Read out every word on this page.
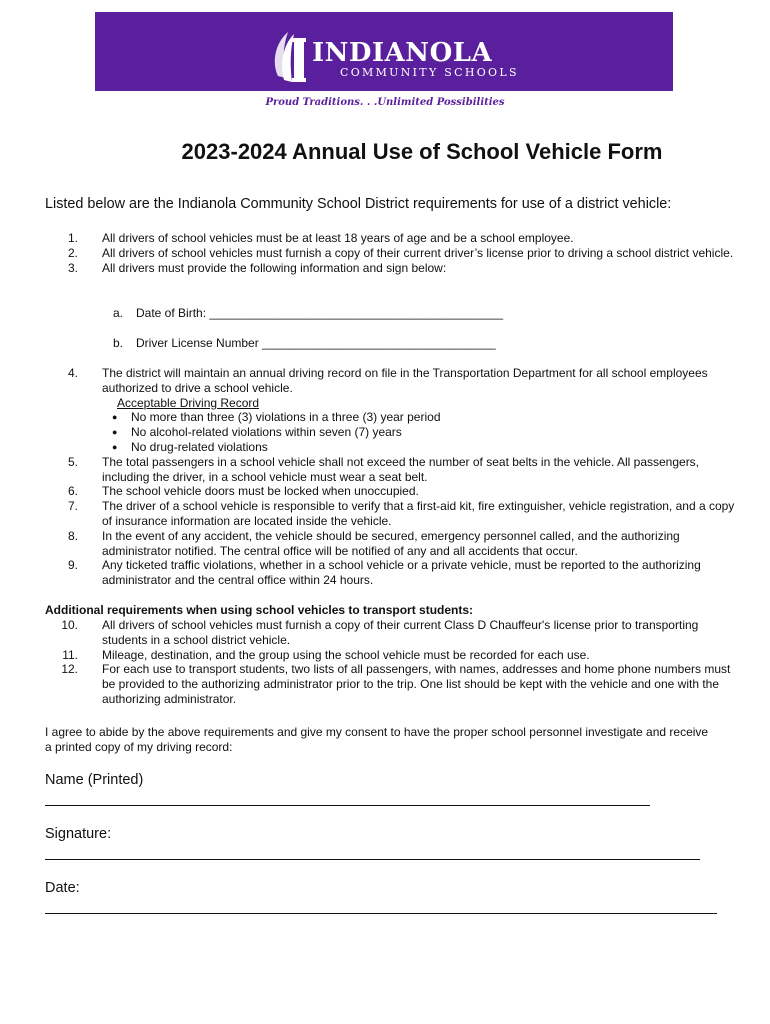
INDIANOLA
COMMUNITY SCHOOLS
Proud Traditions. . .Unlimited Possibilities
2023-2024 Annual Use of School Vehicle Form
Listed below are the Indianola Community School District requirements for use of a district vehicle:
1. All drivers of school vehicles must be at least 18 years of age and be a school employee.
2. All drivers of school vehicles must furnish a copy of their current driver’s license prior to driving a school district vehicle.
3. All drivers must provide the following information and sign below:
a. Date of Birth: ____________________________________________
b. Driver License Number ___________________________________
4. The district will maintain an annual driving record on file in the Transportation Department for all school employees authorized to drive a school vehicle.
Acceptable Driving Record
● No more than three (3) violations in a three (3) year period
● No alcohol-related violations within seven (7) years
● No drug-related violations
5. The total passengers in a school vehicle shall not exceed the number of seat belts in the vehicle. All passengers, including the driver, in a school vehicle must wear a seat belt.
6. The school vehicle doors must be locked when unoccupied.
7. The driver of a school vehicle is responsible to verify that a first-aid kit, fire extinguisher, vehicle registration, and a copy of insurance information are located inside the vehicle.
8. In the event of any accident, the vehicle should be secured, emergency personnel called, and the authorizing administrator notified. The central office will be notified of any and all accidents that occur.
9. Any ticketed traffic violations, whether in a school vehicle or a private vehicle, must be reported to the authorizing administrator and the central office within 24 hours.
Additional requirements when using school vehicles to transport students:
10. All drivers of school vehicles must furnish a copy of their current Class D Chauffeur's license prior to transporting students in a school district vehicle.
11. Mileage, destination, and the group using the school vehicle must be recorded for each use.
12. For each use to transport students, two lists of all passengers, with names, addresses and home phone numbers must be provided to the authorizing administrator prior to the trip. One list should be kept with the vehicle and one with the authorizing administrator.
I agree to abide by the above requirements and give my consent to have the proper school personnel investigate and receive a printed copy of my driving record:
Name (Printed)
Signature:
Date:
